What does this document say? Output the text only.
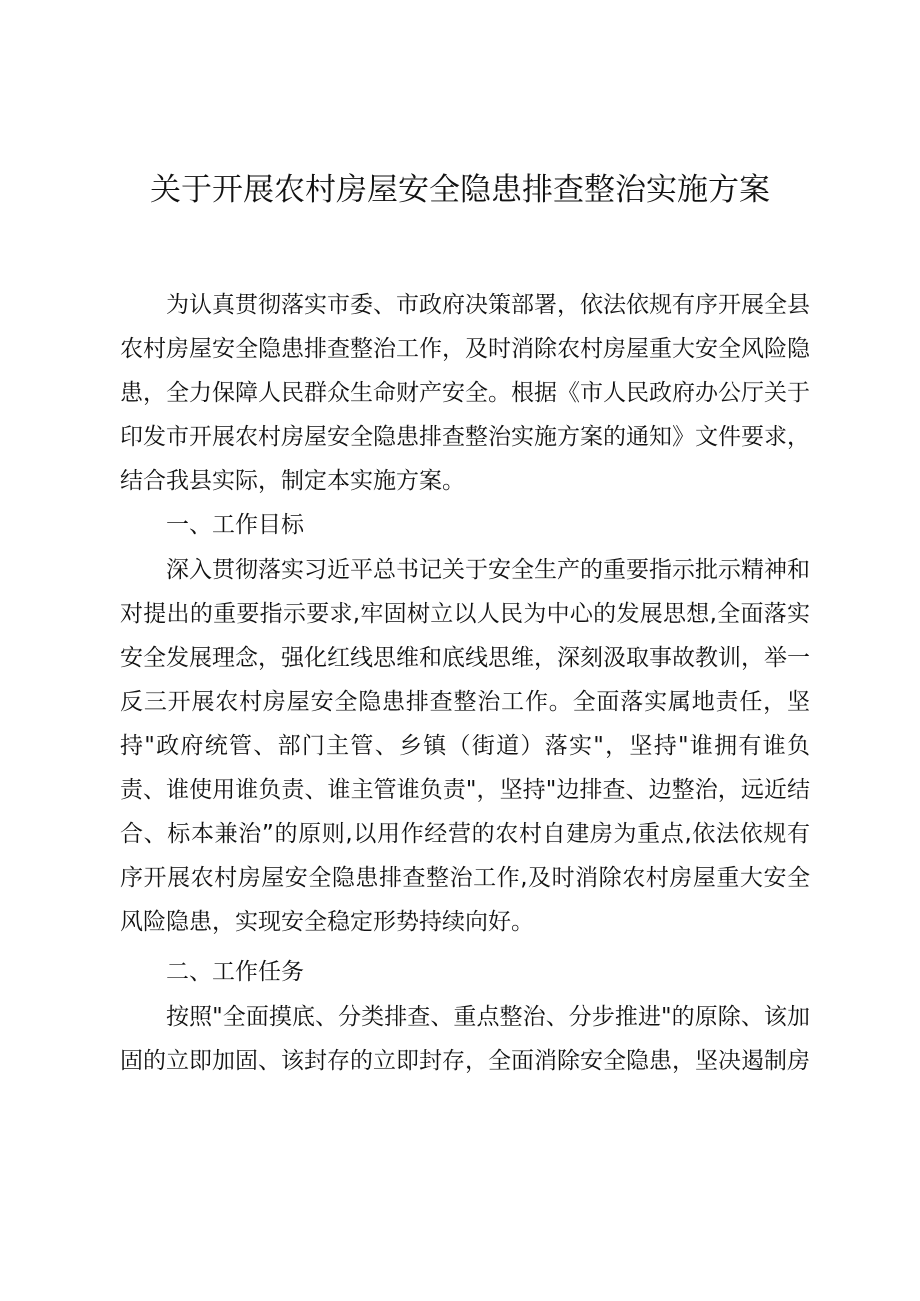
关于开展农村房屋安全隐患排查整治实施方案

为认真贯彻落实市委、市政府决策部署，依法依规有序开展全县农村房屋安全隐患排查整治工作，及时消除农村房屋重大安全风险隐患，全力保障人民群众生命财产安全。根据《市人民政府办公厅关于印发市开展农村房屋安全隐患排查整治实施方案的通知》文件要求，结合我县实际，制定本实施方案。

一、工作目标

深入贯彻落实习近平总书记关于安全生产的重要指示批示精神和对提出的重要指示要求,牢固树立以人民为中心的发展思想,全面落实安全发展理念，强化红线思维和底线思维，深刻汲取事故教训，举一反三开展农村房屋安全隐患排查整治工作。全面落实属地责任，坚持"政府统管、部门主管、乡镇（街道）落实"，坚持"谁拥有谁负责、谁使用谁负责、谁主管谁负责"，坚持"边排查、边整治，远近结合、标本兼治”的原则,以用作经营的农村自建房为重点,依法依规有序开展农村房屋安全隐患排查整治工作,及时消除农村房屋重大安全风险隐患，实现安全稳定形势持续向好。

二、工作任务

按照"全面摸底、分类排查、重点整治、分步推进"的原除、该加固的立即加固、该封存的立即封存，全面消除安全隐患，坚决遏制房
